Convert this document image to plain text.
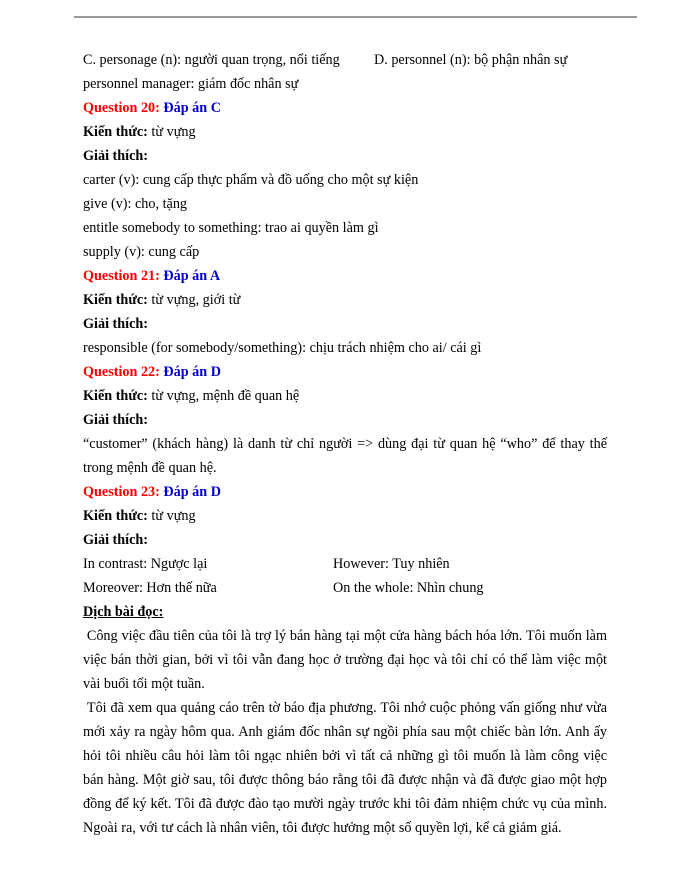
C. personage (n): người quan trọng, nổi tiếng D. personnel (n): bộ phận nhân sự
personnel manager: giám đốc nhân sự
Question 20: Đáp án C
Kiến thức: từ vựng
Giải thích:
carter (v): cung cấp thực phẩm và đồ uống cho một sự kiện
give (v): cho, tặng
entitle somebody to something: trao ai quyền làm gì
supply (v): cung cấp
Question 21: Đáp án A
Kiến thức: từ vựng, giới từ
Giải thích:
responsible (for somebody/something): chịu trách nhiệm cho ai/ cái gì
Question 22: Đáp án D
Kiến thức: từ vựng, mệnh đề quan hệ
Giải thích:
“customer” (khách hàng) là danh từ chỉ người => dùng đại từ quan hệ “who” để thay thế trong mệnh đề quan hệ.
Question 23: Đáp án D
Kiến thức: từ vựng
Giải thích:
In contrast: Ngược lại	However: Tuy nhiên
Moreover: Hơn thế nữa	On the whole: Nhìn chung
Dịch bài đọc:
Công việc đầu tiên của tôi là trợ lý bán hàng tại một cửa hàng bách hóa lớn. Tôi muốn làm việc bán thời gian, bởi vì tôi vẫn đang học ở trường đại học và tôi chỉ có thể làm việc một vài buổi tối một tuần.
Tôi đã xem qua quảng cáo trên tờ báo địa phương. Tôi nhớ cuộc phỏng vấn giống như vừa mới xảy ra ngày hôm qua. Anh giám đốc nhân sự ngồi phía sau một chiếc bàn lớn. Anh ấy hỏi tôi nhiều câu hỏi làm tôi ngạc nhiên bởi vì tất cả những gì tôi muốn là làm công việc bán hàng. Một giờ sau, tôi được thông báo rằng tôi đã được nhận và đã được giao một hợp đồng để ký kết. Tôi đã được đào tạo mười ngày trước khi tôi đảm nhiệm chức vụ của mình. Ngoài ra, với tư cách là nhân viên, tôi được hưởng một số quyền lợi, kể cả giảm giá.
